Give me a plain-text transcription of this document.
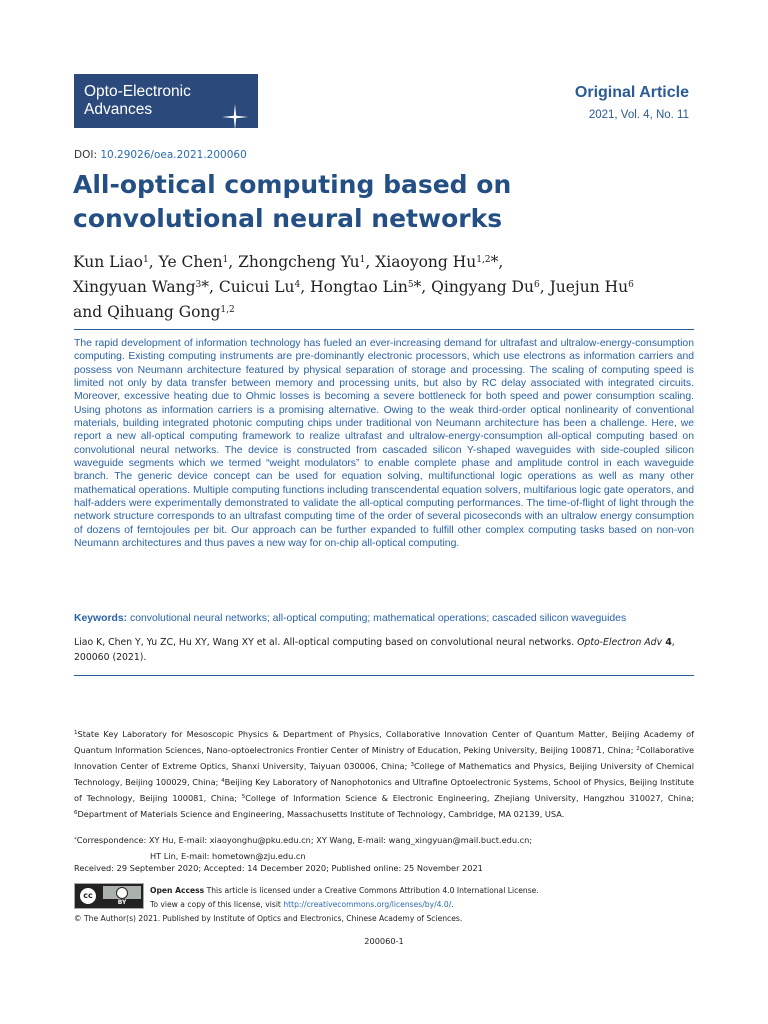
Opto-Electronic
Advances
Original Article
2021, Vol. 4, No. 11
DOI: 10.29026/oea.2021.200060
All-optical computing based on convolutional neural networks
Kun Liao$^1$, Ye Chen$^1$, Zhongcheng Yu$^1$, Xiaoyong Hu$^{1,2}$*,
Xingyuan Wang$^3$*, Cuicui Lu$^4$, Hongtao Lin$^5$*, Qingyang Du$^6$, Juejun Hu$^6$
and Qihuang Gong$^{1,2}$

The rapid development of information technology has fueled an ever-increasing demand for ultrafast and ultralow-energy-consumption computing. Existing computing instruments are pre-dominantly electronic processors, which use electrons as information carriers and possess von Neumann architecture featured by physical separation of storage and processing. The scaling of computing speed is limited not only by data transfer between memory and processing units, but also by RC delay associated with integrated circuits. Moreover, excessive heating due to Ohmic losses is becoming a severe bottleneck for both speed and power consumption scaling. Using photons as information carriers is a promising alternative. Owing to the weak third-order optical nonlinearity of conventional materials, building integrated photonic computing chips under traditional von Neumann architecture has been a challenge. Here, we report a new all-optical computing framework to realize ultrafast and ultralow-energy-consumption all-optical computing based on convolutional neural networks. The device is constructed from cascaded silicon Y-shaped waveguides with side-coupled silicon waveguide segments which we termed “weight modulators” to enable complete phase and amplitude control in each waveguide branch. The generic device concept can be used for equation solving, multifunctional logic operations as well as many other mathematical operations. Multiple computing functions including transcendental equation solvers, multifarious logic gate operators, and half-adders were experimentally demonstrated to validate the all-optical computing performances. The time-of-flight of light through the network structure corresponds to an ultrafast computing time of the order of several picoseconds with an ultralow energy consumption of dozens of femtojoules per bit. Our approach can be further expanded to fulfill other complex computing tasks based on non-von Neumann architectures and thus paves a new way for on-chip all-optical computing.

Keywords: convolutional neural networks; all-optical computing; mathematical operations; cascaded silicon waveguides
Liao K, Chen Y, Yu ZC, Hu XY, Wang XY et al. All-optical computing based on convolutional neural networks. Opto-Electron Adv 4, 200060 (2021).
$^1$State Key Laboratory for Mesoscopic Physics & Department of Physics, Collaborative Innovation Center of Quantum Matter, Beijing Academy of Quantum Information Sciences, Nano-optoelectronics Frontier Center of Ministry of Education, Peking University, Beijing 100871, China; $^2$Collaborative Innovation Center of Extreme Optics, Shanxi University, Taiyuan 030006, China; $^3$College of Mathematics and Physics, Beijing University of Chemical Technology, Beijing 100029, China; $^4$Beijing Key Laboratory of Nanophotonics and Ultrafine Optoelectronic Systems, School of Physics, Beijing Institute of Technology, Beijing 100081, China; $^5$College of Information Science & Electronic Engineering, Zhejiang University, Hangzhou 310027, China; $^6$Department of Materials Science and Engineering, Massachusetts Institute of Technology, Cambridge, MA 02139, USA.
*Correspondence: XY Hu, E-mail: xiaoyonghu@pku.edu.cn; XY Wang, E-mail: wang_xingyuan@mail.buct.edu.cn;
HT Lin, E-mail: hometown@zju.edu.cn
Received: 29 September 2020; Accepted: 14 December 2020; Published online: 25 November 2021
cc
BY
Open Access This article is licensed under a Creative Commons Attribution 4.0 International License.
To view a copy of this license, visit http://creativecommons.org/licenses/by/4.0/.
© The Author(s) 2021. Published by Institute of Optics and Electronics, Chinese Academy of Sciences.
200060-1
